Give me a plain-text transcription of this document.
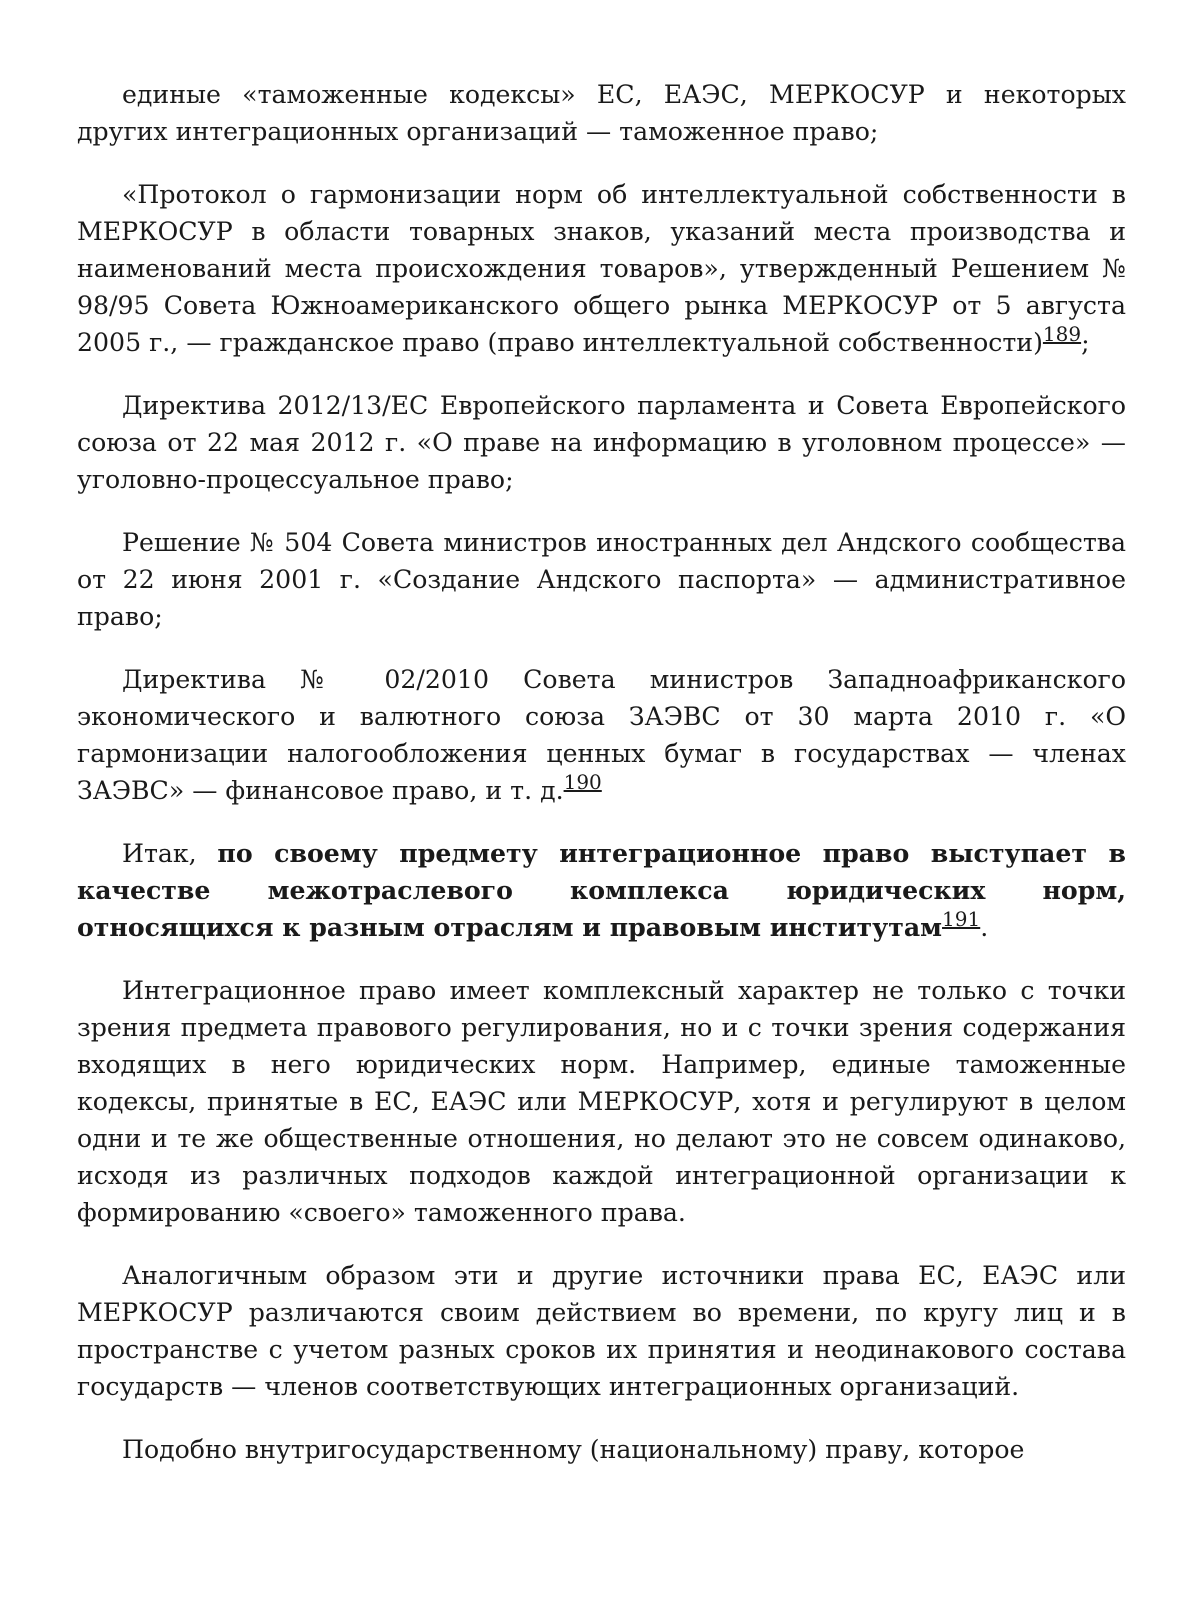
единые «таможенные кодексы» ЕС, ЕАЭС, МЕРКОСУР и некоторых других интеграционных организаций — таможенное право;

«Протокол о гармонизации норм об интеллектуальной собственности в МЕРКОСУР в области товарных знаков, указаний места производства и наименований места происхождения товаров», утвержденный Решением № 98/95 Совета Южноамериканского общего рынка МЕРКОСУР от 5 августа 2005 г., — гражданское право (право интеллектуальной собственности)$^{189}$;

Директива 2012/13/ЕС Европейского парламента и Совета Европейского союза от 22 мая 2012 г. «О праве на информацию в уголовном процессе» — уголовно-процессуальное право;

Решение № 504 Совета министров иностранных дел Андского сообщества от 22 июня 2001 г. «Создание Андского паспорта» — административное право;

Директива № 02/2010 Совета министров Западноафриканского экономического и валютного союза ЗАЭВС от 30 марта 2010 г. «О гармонизации налогообложения ценных бумаг в государствах — членах ЗАЭВС» — финансовое право, и т. д.$^{190}$

Итак, по своему предмету интеграционное право выступает в качестве межотраслевого комплекса юридических норм, относящихся к разным отраслям и правовым институтам$^{191}$.

Интеграционное право имеет комплексный характер не только с точки зрения предмета правового регулирования, но и с точки зрения содержания входящих в него юридических норм. Например, единые таможенные кодексы, принятые в ЕС, ЕАЭС или МЕРКОСУР, хотя и регулируют в целом одни и те же общественные отношения, но делают это не совсем одинаково, исходя из различных подходов каждой интеграционной организации к формированию «своего» таможенного права.

Аналогичным образом эти и другие источники права ЕС, ЕАЭС или МЕРКОСУР различаются своим действием во времени, по кругу лиц и в пространстве с учетом разных сроков их принятия и неодинакового состава государств — членов соответствующих интеграционных организаций.

Подобно внутригосударственному (национальному) праву, которое
